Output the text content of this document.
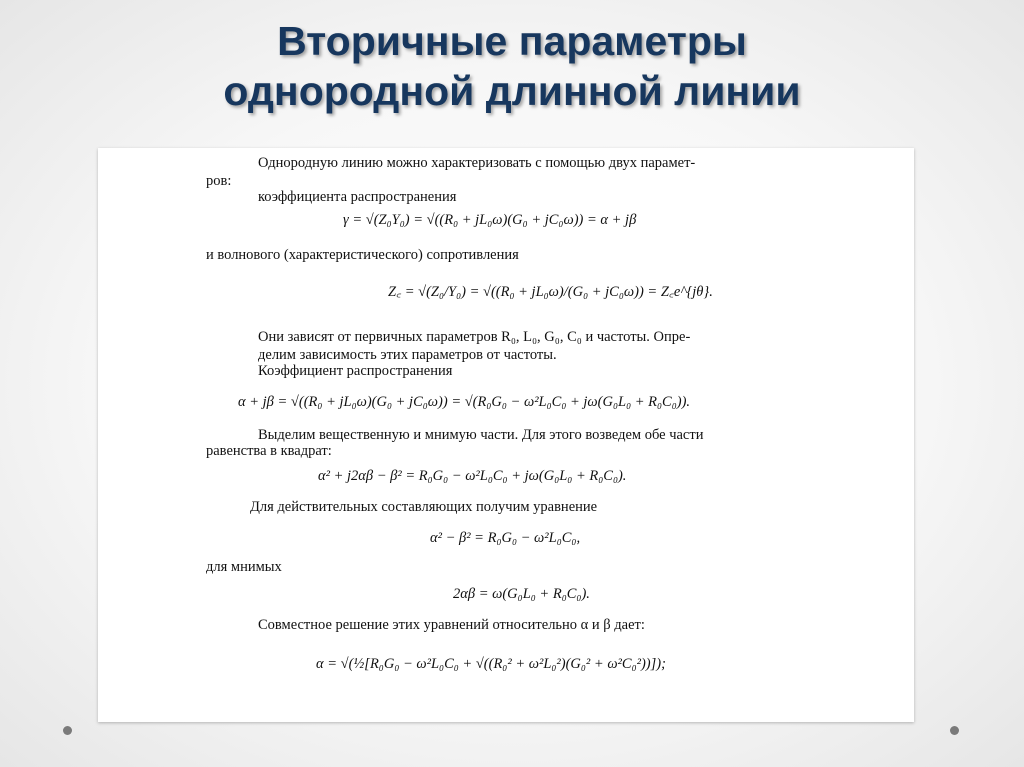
Вторичные параметры
однородной длинной линии
Однородную линию можно характеризовать с помощью двух парамет-
ров:
коэффициента распространения
γ = √(Z₀Y₀) = √((R₀ + jL₀ω)(G₀ + jC₀ω)) = α + jβ
и волнового (характеристического) сопротивления
Z꜀ = √(Z₀/Y₀) = √((R₀ + jL₀ω)/(G₀ + jC₀ω)) = Z꜀e^{jθ}.
Они зависят от первичных параметров R₀, L₀, G₀, C₀ и частоты. Опре-
делим зависимость этих параметров от частоты.
Коэффициент распространения
α + jβ = √((R₀ + jL₀ω)(G₀ + jC₀ω)) = √(R₀G₀ − ω²L₀C₀ + jω(G₀L₀ + R₀C₀)).
Выделим вещественную и мнимую части. Для этого возведем обе части
равенства в квадрат:
α² + j2αβ − β² = R₀G₀ − ω²L₀C₀ + jω(G₀L₀ + R₀C₀).
Для действительных составляющих получим уравнение
α² − β² = R₀G₀ − ω²L₀C₀,
для мнимых
2αβ = ω(G₀L₀ + R₀C₀).
Совместное решение этих уравнений относительно α и β дает:
α = √(½[R₀G₀ − ω²L₀C₀ + √((R₀² + ω²L₀²)(G₀² + ω²C₀²))]);
